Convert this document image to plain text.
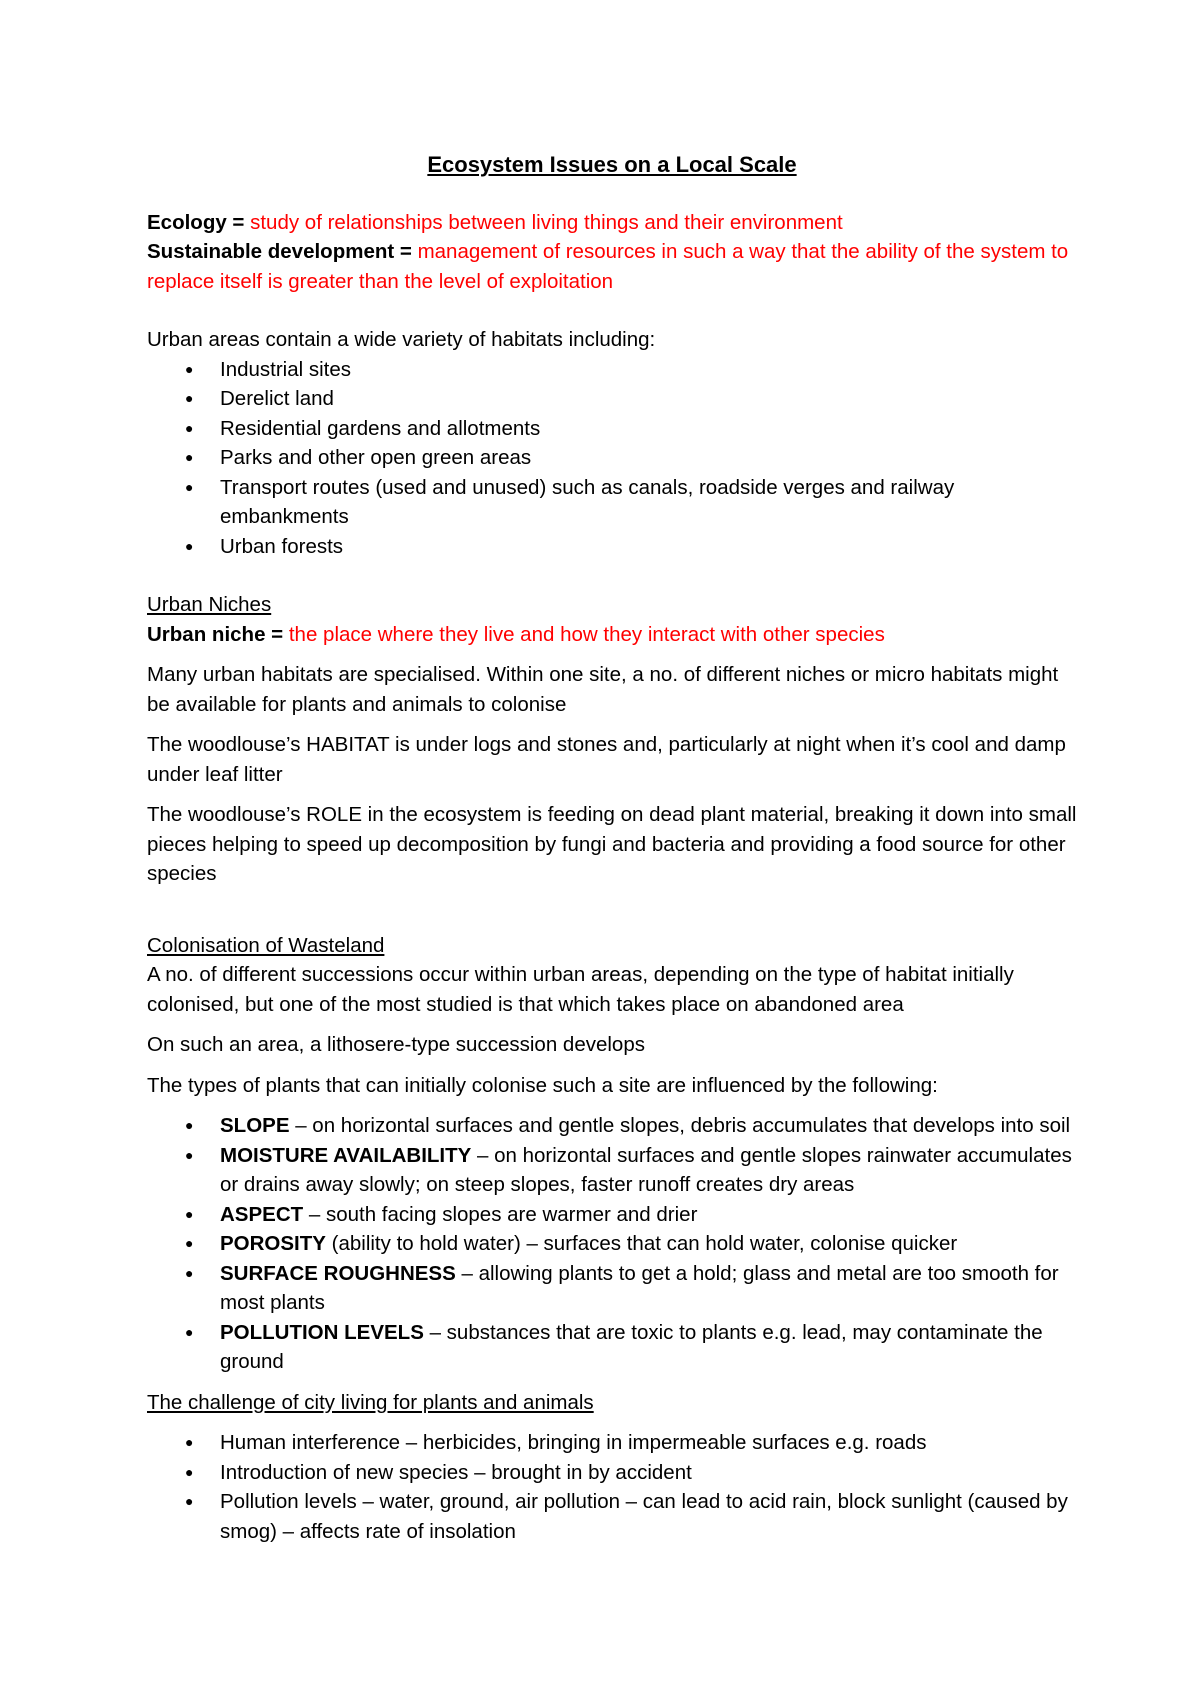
Ecosystem Issues on a Local Scale

Ecology = study of relationships between living things and their environment

Sustainable development = management of resources in such a way that the ability of the system to replace itself is greater than the level of exploitation

Urban areas contain a wide variety of habitats including:

● Industrial sites
● Derelict land
● Residential gardens and allotments
● Parks and other open green areas
● Transport routes (used and unused) such as canals, roadside verges and railway embankments
● Urban forests

Urban Niches

Urban niche = the place where they live and how they interact with other species

Many urban habitats are specialised. Within one site, a no. of different niches or micro habitats might be available for plants and animals to colonise

The woodlouse’s HABITAT is under logs and stones and, particularly at night when it’s cool and damp under leaf litter

The woodlouse’s ROLE in the ecosystem is feeding on dead plant material, breaking it down into small pieces helping to speed up decomposition by fungi and bacteria and providing a food source for other species

Colonisation of Wasteland

A no. of different successions occur within urban areas, depending on the type of habitat initially colonised, but one of the most studied is that which takes place on abandoned area

On such an area, a lithosere-type succession develops

The types of plants that can initially colonise such a site are influenced by the following:

● SLOPE – on horizontal surfaces and gentle slopes, debris accumulates that develops into soil
● MOISTURE AVAILABILITY – on horizontal surfaces and gentle slopes rainwater accumulates or drains away slowly; on steep slopes, faster runoff creates dry areas
● ASPECT – south facing slopes are warmer and drier
● POROSITY (ability to hold water) – surfaces that can hold water, colonise quicker
● SURFACE ROUGHNESS – allowing plants to get a hold; glass and metal are too smooth for most plants
● POLLUTION LEVELS – substances that are toxic to plants e.g. lead, may contaminate the ground

The challenge of city living for plants and animals

● Human interference – herbicides, bringing in impermeable surfaces e.g. roads
● Introduction of new species – brought in by accident
● Pollution levels – water, ground, air pollution – can lead to acid rain, block sunlight (caused by smog) – affects rate of insolation
